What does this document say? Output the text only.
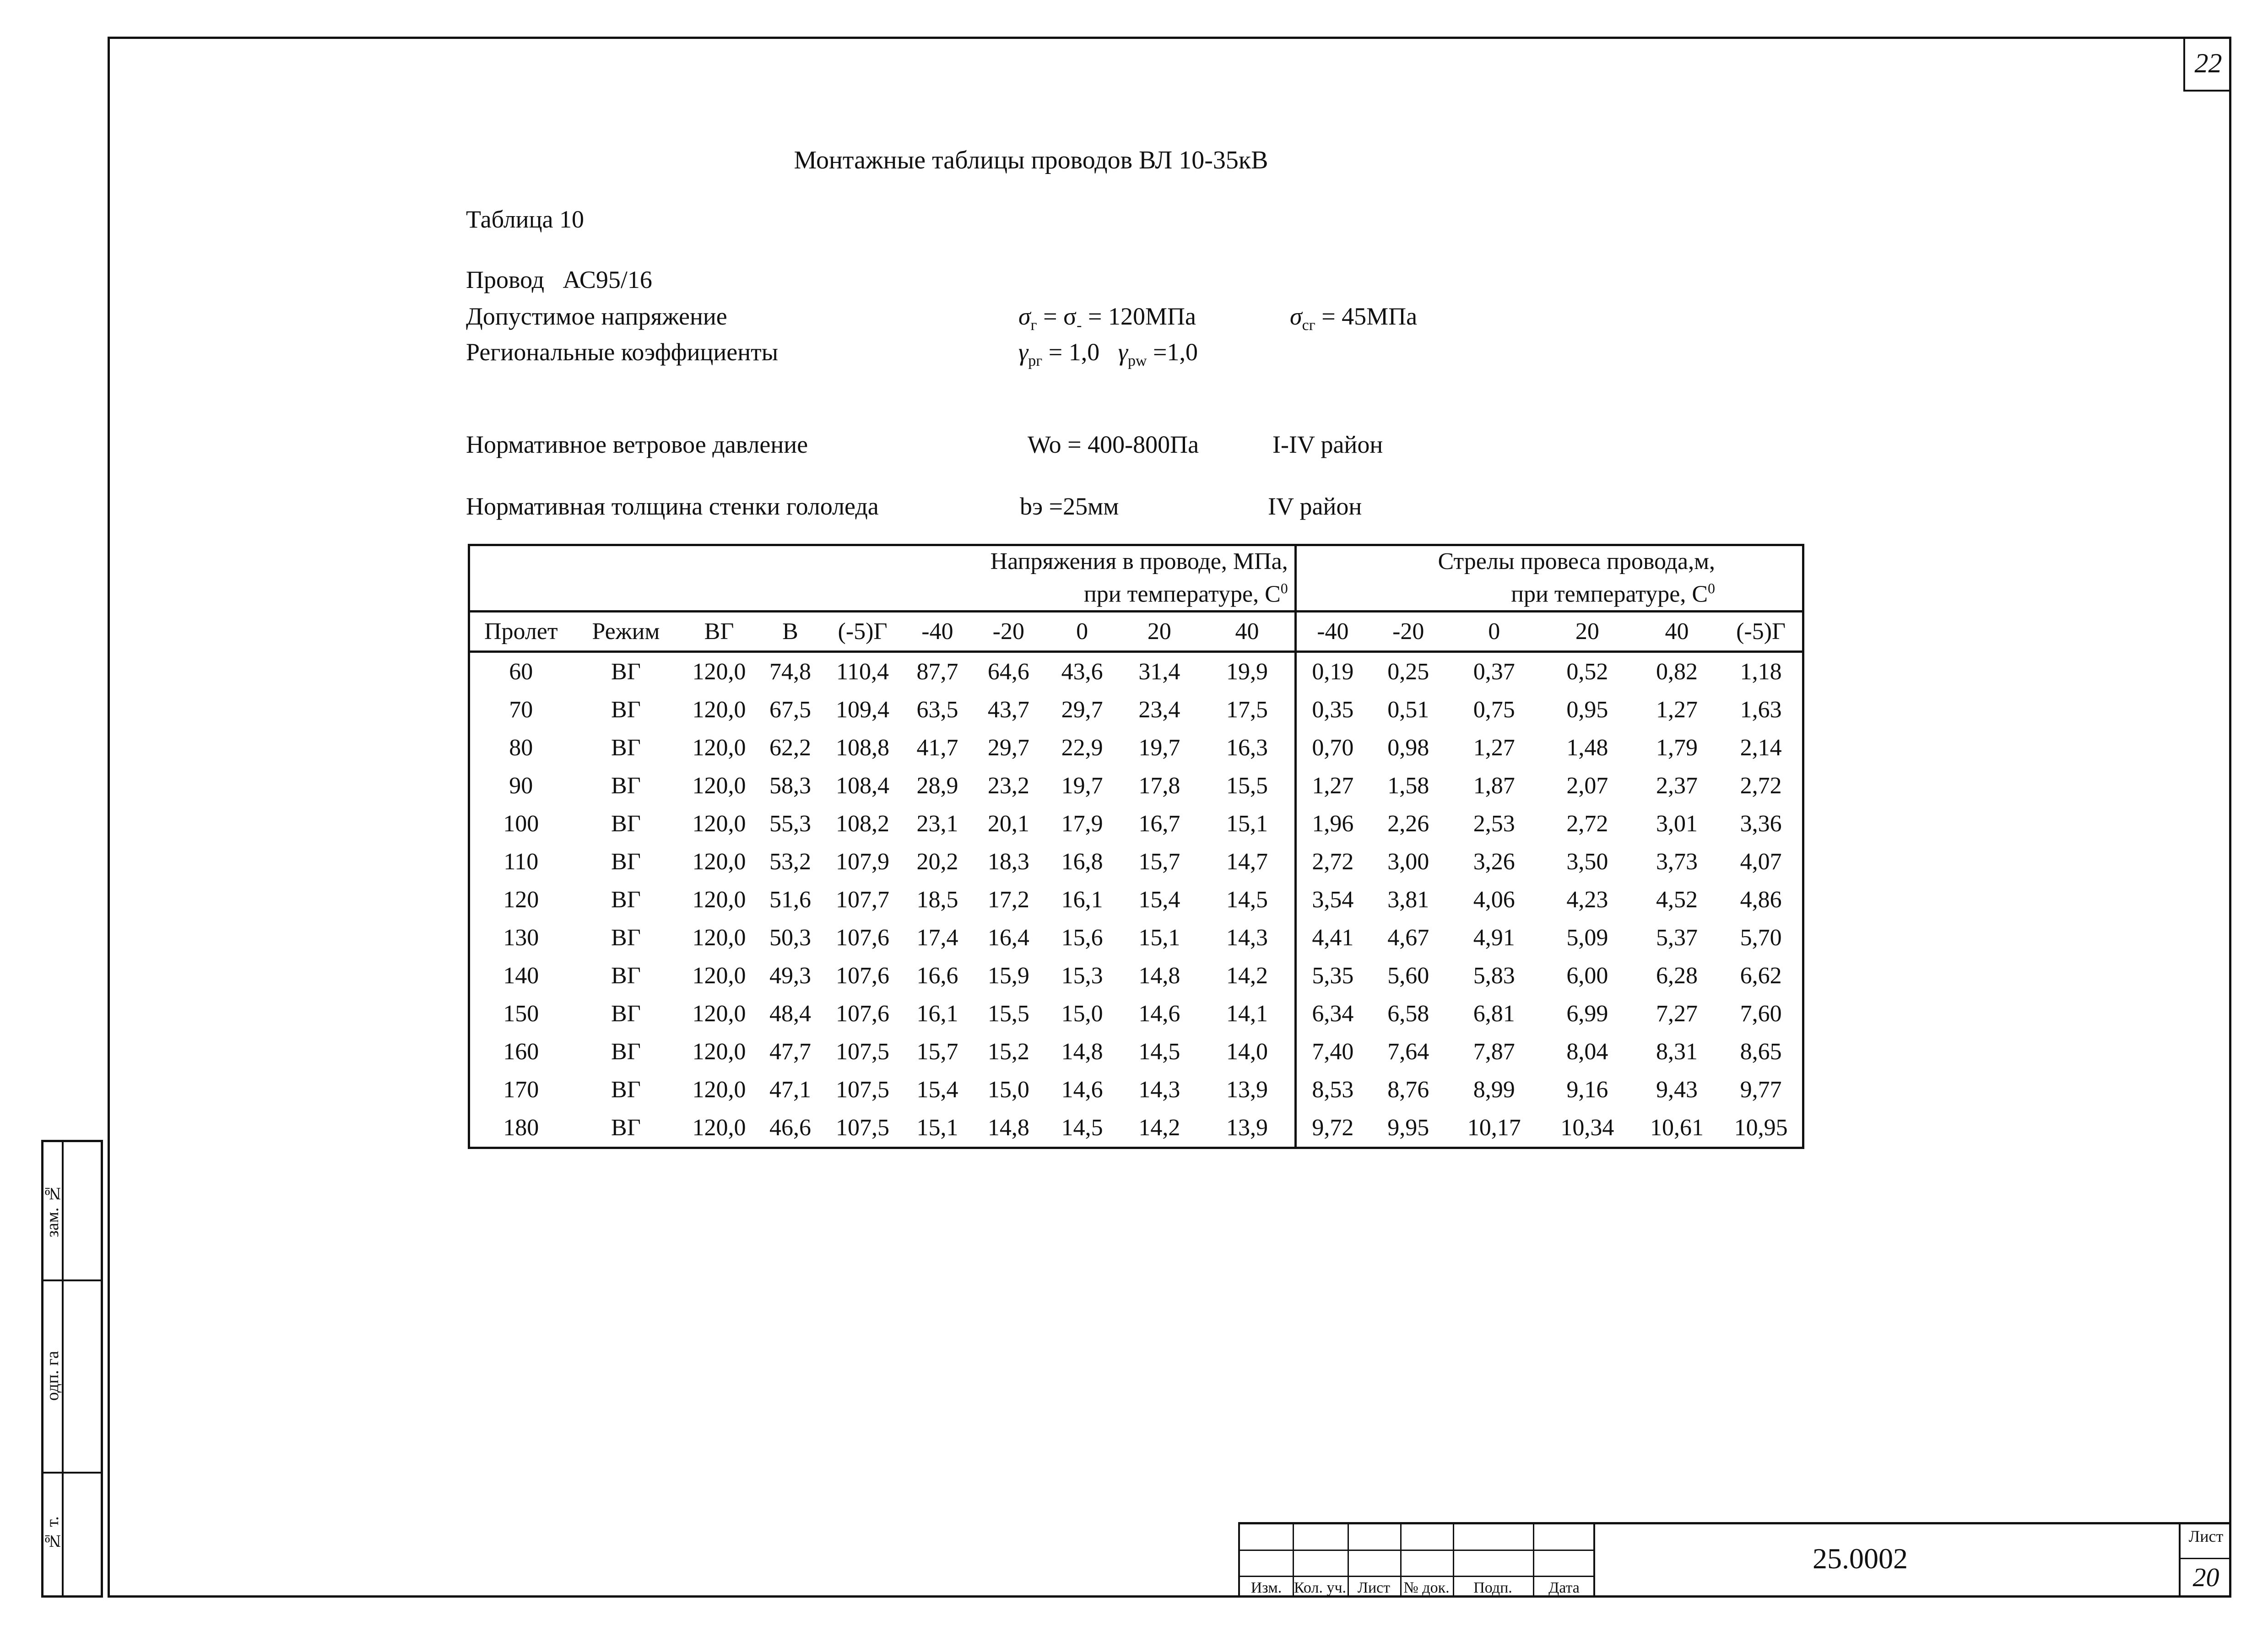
22
Монтажные таблицы проводов ВЛ 10-35кВ
Таблица 10
Провод АС95/16
Допустимое напряжение	$\sigma_г = \sigma_- = 120МПа$	$\sigma_{сг} = 45МПа$
Региональные коэффициенты	$\gamma_{pг} = 1,0$ $\gamma_{pw} =1,0$
Нормативное ветровое давление	Wo = 400-800Па	I-IV район
Нормативная толщина стенки гололеда	bэ =25мм	IV район
Напряжения в проводе, МПа,
при температуре, $С^0$										Стрелы провеса провода,м,
при температуре, $С^0$
Пролет	Режим	ВГ	В	(-5)Г	-40	-20	0	20	40	-40	-20	0	20	40	(-5)Г
60	ВГ	120,0	74,8	110,4	87,7	64,6	43,6	31,4	19,9	0,19	0,25	0,37	0,52	0,82	1,18
70	ВГ	120,0	67,5	109,4	63,5	43,7	29,7	23,4	17,5	0,35	0,51	0,75	0,95	1,27	1,63
80	ВГ	120,0	62,2	108,8	41,7	29,7	22,9	19,7	16,3	0,70	0,98	1,27	1,48	1,79	2,14
90	ВГ	120,0	58,3	108,4	28,9	23,2	19,7	17,8	15,5	1,27	1,58	1,87	2,07	2,37	2,72
100	ВГ	120,0	55,3	108,2	23,1	20,1	17,9	16,7	15,1	1,96	2,26	2,53	2,72	3,01	3,36
110	ВГ	120,0	53,2	107,9	20,2	18,3	16,8	15,7	14,7	2,72	3,00	3,26	3,50	3,73	4,07
120	ВГ	120,0	51,6	107,7	18,5	17,2	16,1	15,4	14,5	3,54	3,81	4,06	4,23	4,52	4,86
130	ВГ	120,0	50,3	107,6	17,4	16,4	15,6	15,1	14,3	4,41	4,67	4,91	5,09	5,37	5,70
140	ВГ	120,0	49,3	107,6	16,6	15,9	15,3	14,8	14,2	5,35	5,60	5,83	6,00	6,28	6,62
150	ВГ	120,0	48,4	107,6	16,1	15,5	15,0	14,6	14,1	6,34	6,58	6,81	6,99	7,27	7,60
160	ВГ	120,0	47,7	107,5	15,7	15,2	14,8	14,5	14,0	7,40	7,64	7,87	8,04	8,31	8,65
170	ВГ	120,0	47,1	107,5	15,4	15,0	14,6	14,3	13,9	8,53	8,76	8,99	9,16	9,43	9,77
180	ВГ	120,0	46,6	107,5	15,1	14,8	14,5	14,2	13,9	9,72	9,95	10,17	10,34	10,61	10,95
зам. №
одп. га
№ т.
Изм. Кол. уч. Лист № док.	Подп.	Дата
25.0002
Лист
20
